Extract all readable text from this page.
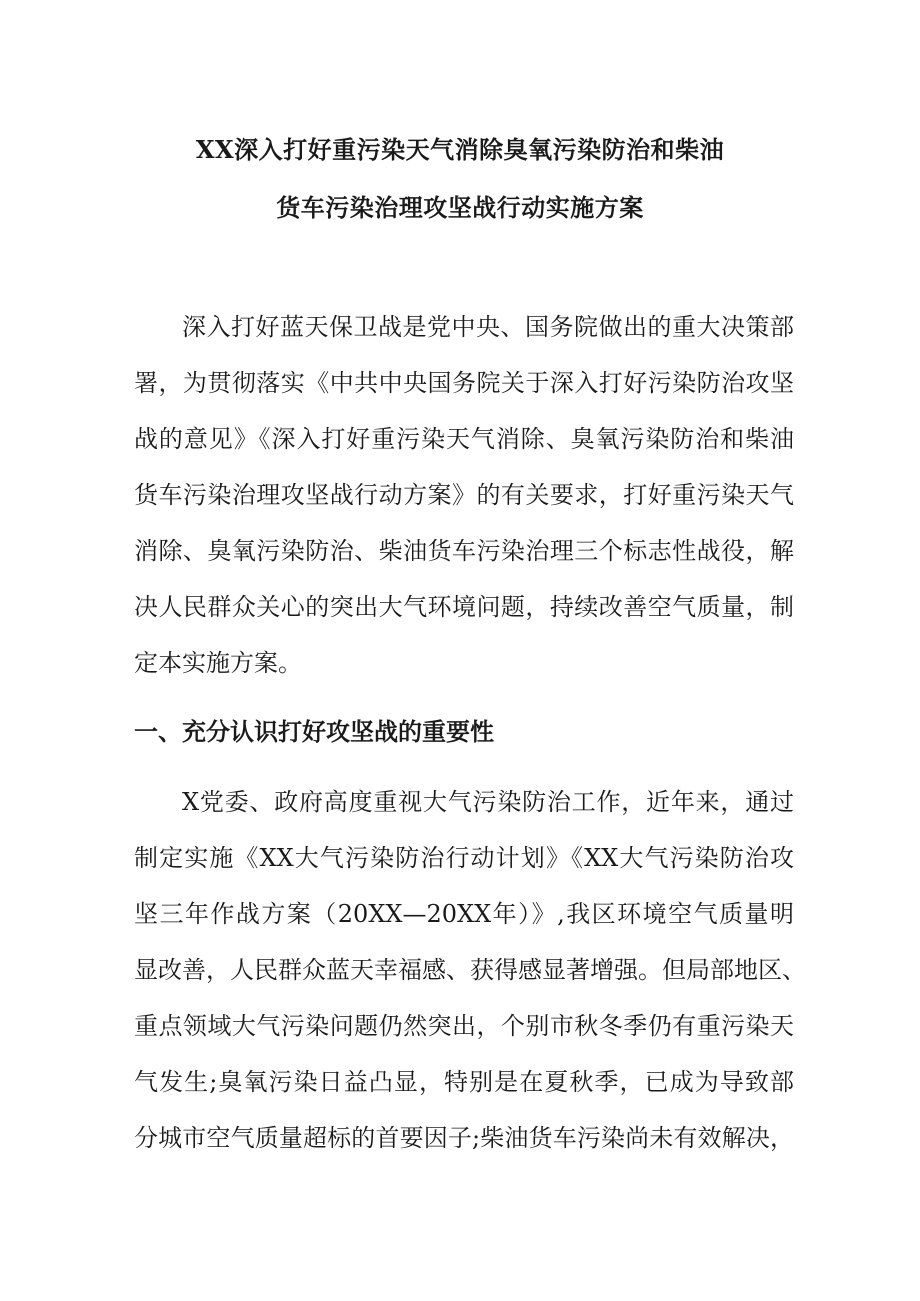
XX深入打好重污染天气消除臭氧污染防治和柴油
货车污染治理攻坚战行动实施方案
深入打好蓝天保卫战是党中央、国务院做出的重大决策部
署，为贯彻落实《中共中央国务院关于深入打好污染防治攻坚
战的意见》《深入打好重污染天气消除、臭氧污染防治和柴油
货车污染治理攻坚战行动方案》的有关要求，打好重污染天气
消除、臭氧污染防治、柴油货车污染治理三个标志性战役，解
决人民群众关心的突出大气环境问题，持续改善空气质量，制
定本实施方案。
一、充分认识打好攻坚战的重要性
X党委、政府高度重视大气污染防治工作，近年来，通过
制定实施《XX大气污染防治行动计划》《XX大气污染防治攻
坚三年作战方案（20XX—20XX年）》,我区环境空气质量明
显改善，人民群众蓝天幸福感、获得感显著增强。但局部地区、
重点领域大气污染问题仍然突出，个别市秋冬季仍有重污染天
气发生;臭氧污染日益凸显，特别是在夏秋季，已成为导致部
分城市空气质量超标的首要因子;柴油货车污染尚未有效解决，
